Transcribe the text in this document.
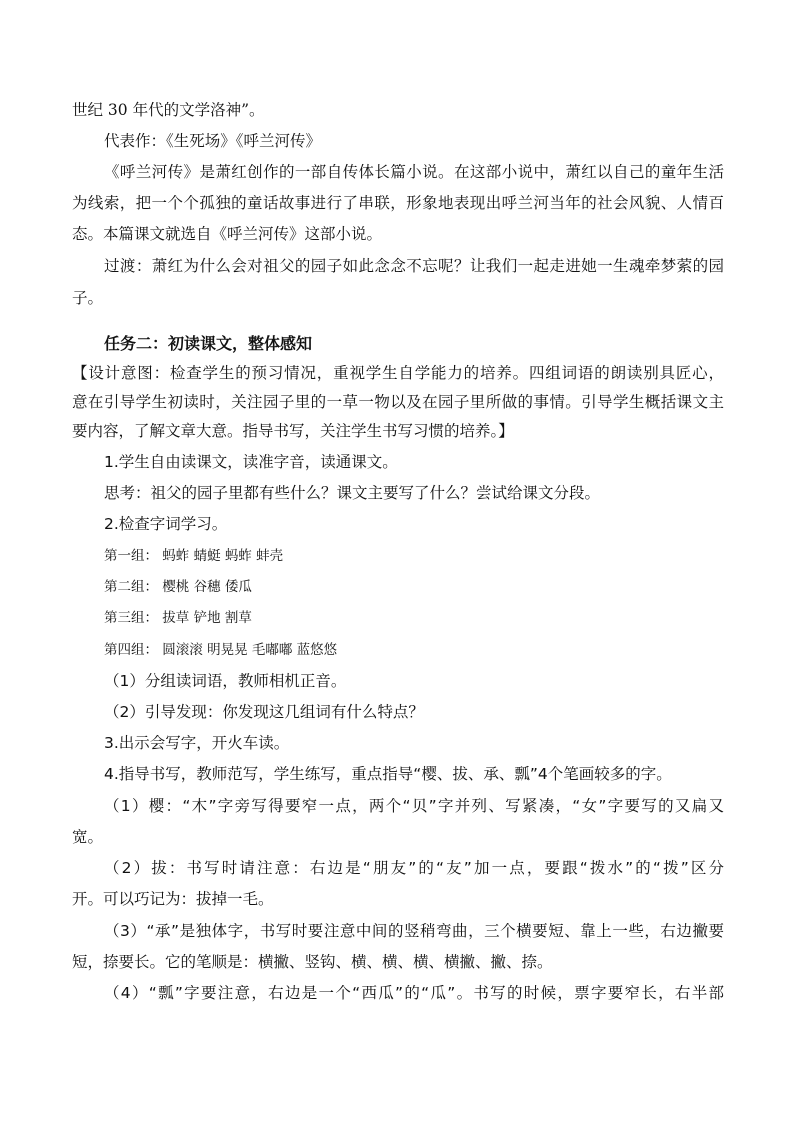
世纪 30 年代的文学洛神”。
代表作：《生死场》《呼兰河传》
《呼兰河传》是萧红创作的一部自传体长篇小说。在这部小说中，萧红以自己的童年生活
为线索，把一个个孤独的童话故事进行了串联，形象地表现出呼兰河当年的社会风貌、人情百
态。本篇课文就选自《呼兰河传》这部小说。
过渡：萧红为什么会对祖父的园子如此念念不忘呢？让我们一起走进她一生魂牵梦萦的园
子。
任务二：初读课文，整体感知
【设计意图：检查学生的预习情况，重视学生自学能力的培养。四组词语的朗读别具匠心，
意在引导学生初读时，关注园子里的一草一物以及在园子里所做的事情。引导学生概括课文主
要内容，了解文章大意。指导书写，关注学生书写习惯的培养。】
1.学生自由读课文，读准字音，读通课文。
思考：祖父的园子里都有些什么？课文主要写了什么？尝试给课文分段。
2.检查字词学习。
第一组： 蚂蚱 蜻蜓 蚂蚱 蚌壳
第二组： 樱桃 谷穗 倭瓜
第三组： 拔草 铲地 割草
第四组： 圆滚滚 明晃晃 毛嘟嘟 蓝悠悠
（1）分组读词语，教师相机正音。
（2）引导发现：你发现这几组词有什么特点？
3.出示会写字，开火车读。
4.指导书写，教师范写，学生练写，重点指导“樱、拔、承、瓢”4个笔画较多的字。
（1）樱：“木”字旁写得要窄一点，两个“贝”字并列、写紧凑，“女”字要写的又扁又
宽。
（2）拔：书写时请注意：右边是“朋友”的“友”加一点，要跟“拨水”的“拨”区分
开。可以巧记为：拔掉一毛。
（3）“承”是独体字，书写时要注意中间的竖稍弯曲，三个横要短、靠上一些，右边撇要
短，捺要长。它的笔顺是：横撇、竖钩、横、横、横、横撇、撇、捺。
（4）“瓢”字要注意，右边是一个“西瓜”的“瓜”。书写的时候，票字要窄长，右半部
